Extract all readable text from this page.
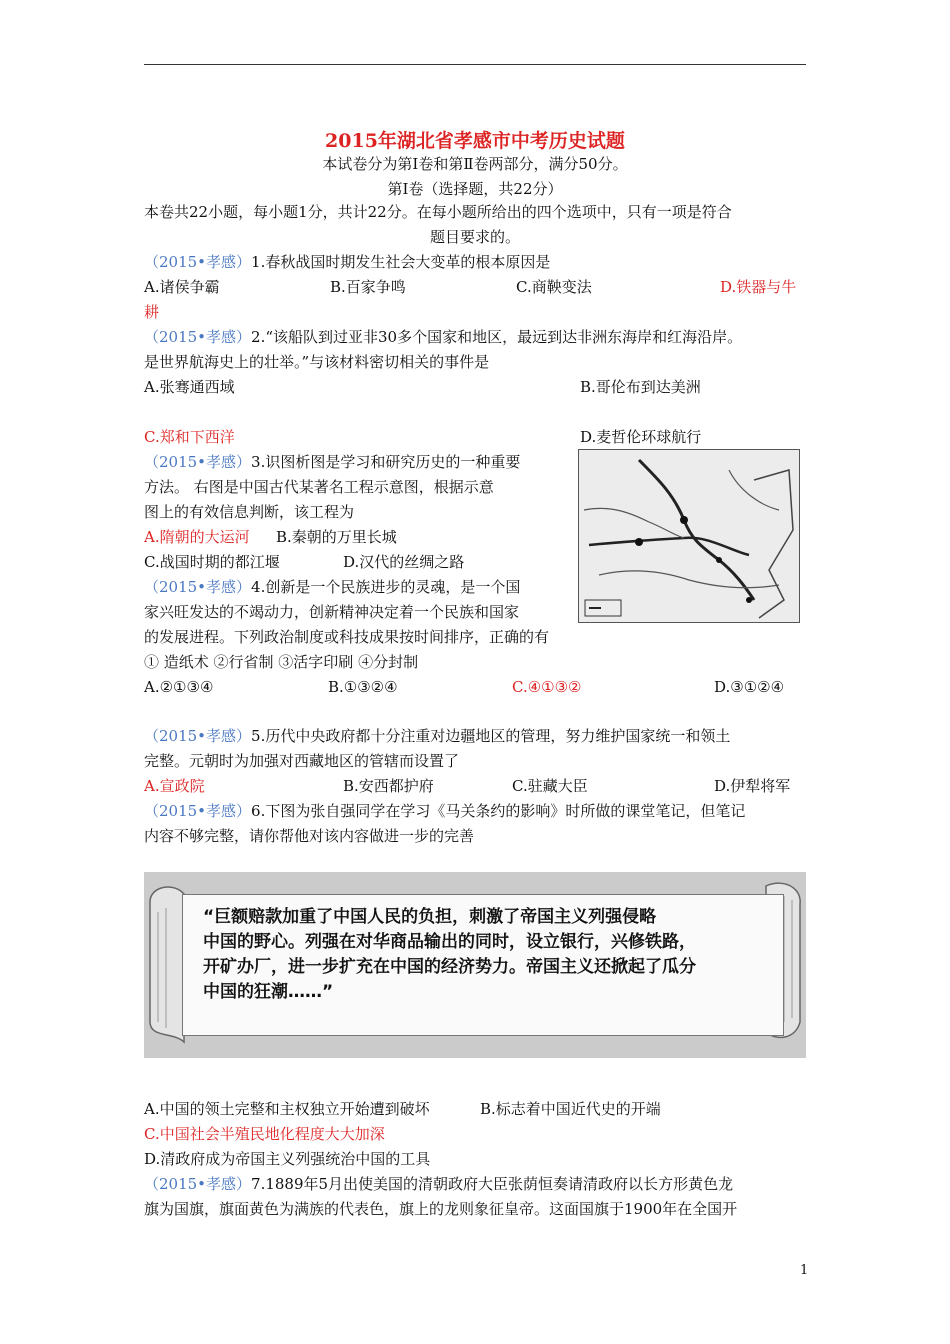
2015年湖北省孝感市中考历史试题
本试卷分为第Ⅰ卷和第Ⅱ卷两部分，满分50分。
第Ⅰ卷（选择题，共22分）
本卷共22小题，每小题1分，共计22分。在每小题所给出的四个选项中，只有一项是符合
题目要求的。
（2015•孝感）1.春秋战国时期发生社会大变革的根本原因是
A.诸侯争霸	B.百家争鸣	C.商鞅变法	D.铁器与牛
耕
（2015•孝感）2.“该船队到过亚非30多个国家和地区，最远到达非洲东海岸和红海沿岸。
是世界航海史上的壮举。”与该材料密切相关的事件是
A.张骞通西域	B.哥伦布到达美洲
C.郑和下西洋	D.麦哲伦环球航行
（2015•孝感）3.识图析图是学习和研究历史的一种重要
方法。 右图是中国古代某著名工程示意图，根据示意
图上的有效信息判断，该工程为
A.隋朝的大运河 B.秦朝的万里长城
C.战国时期的都江堰	D.汉代的丝绸之路
（2015•孝感）4.创新是一个民族进步的灵魂，是一个国
家兴旺发达的不竭动力，创新精神决定着一个民族和国家
的发展进程。下列政治制度或科技成果按时间排序，正确的有
① 造纸术 ②行省制 ③活字印刷 ④分封制
A.②①③④	B.①③②④	C.④①③②	D.③①②④
（2015•孝感）5.历代中央政府都十分注重对边疆地区的管理，努力维护国家统一和领土
完整。元朝时为加强对西藏地区的管辖而设置了
A.宣政院	B.安西都护府	C.驻藏大臣	D.伊犁将军
（2015•孝感）6.下图为张自强同学在学习《马关条约的影响》时所做的课堂笔记，但笔记
内容不够完整，请你帮他对该内容做进一步的完善
“巨额赔款加重了中国人民的负担，刺激了帝国主义列强侵略
中国的野心。列强在对华商品输出的同时，设立银行，兴修铁路，
开矿办厂，进一步扩充在中国的经济势力。帝国主义还掀起了瓜分
中国的狂潮……”
A.中国的领土完整和主权独立开始遭到破坏	B.标志着中国近代史的开端
C.中国社会半殖民地化程度大大加深
D.清政府成为帝国主义列强统治中国的工具
（2015•孝感）7.1889年5月出使美国的清朝政府大臣张荫恒奏请清政府以长方形黄色龙
旗为国旗，旗面黄色为满族的代表色，旗上的龙则象征皇帝。这面国旗于1900年在全国开
1
